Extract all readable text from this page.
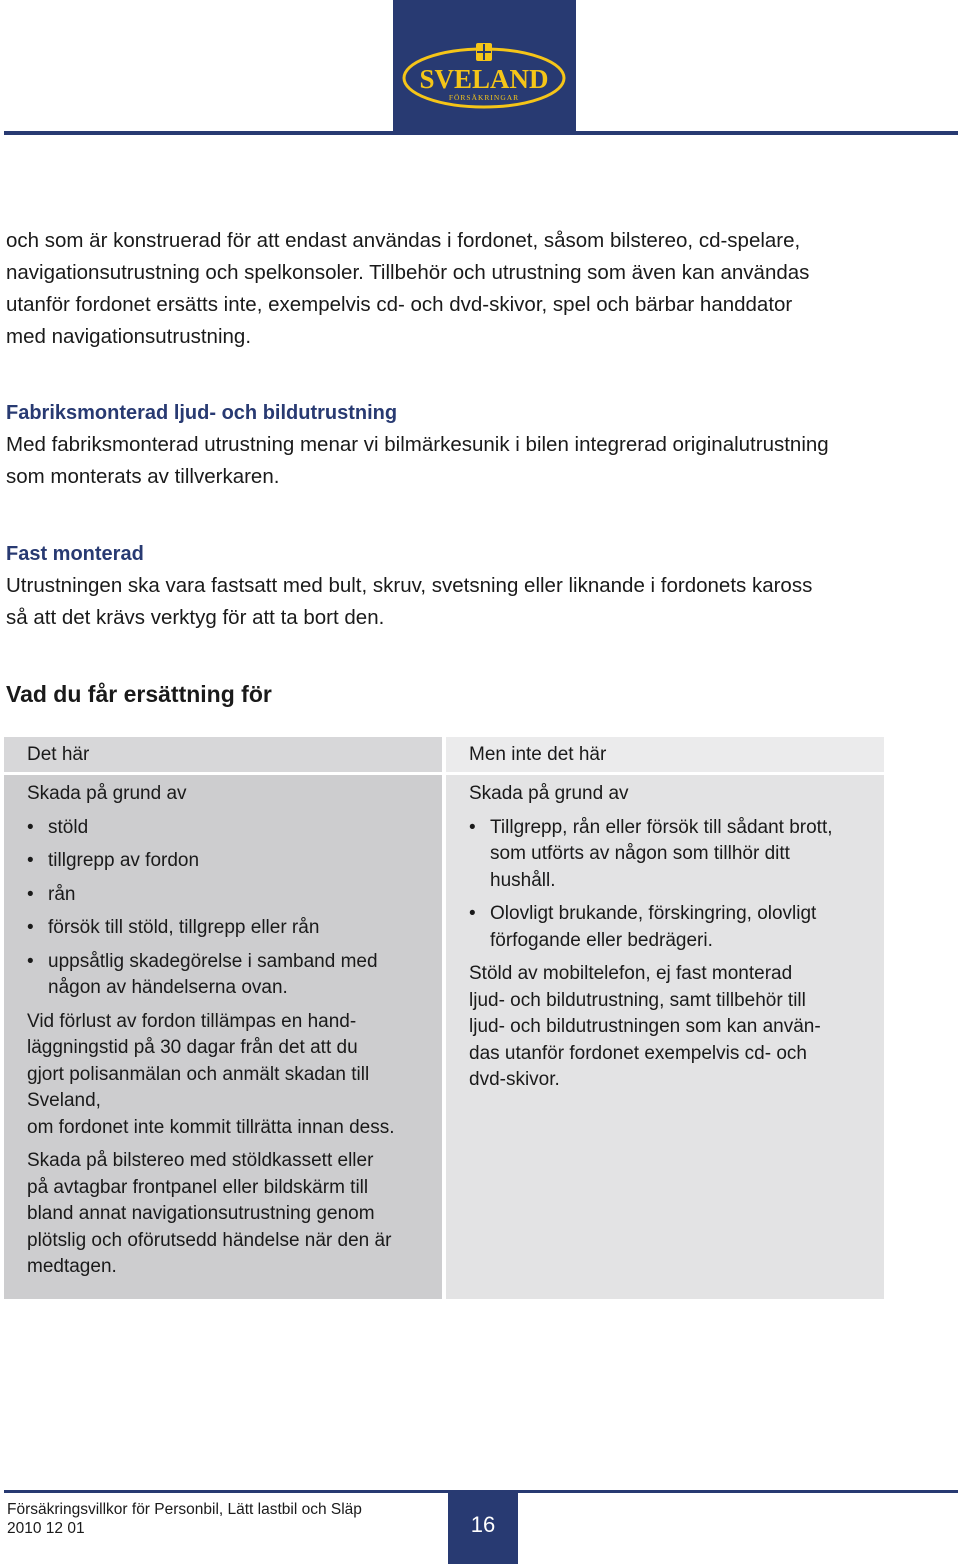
SVELAND
FÖRSÄKRINGAR

och som är konstruerad för att endast användas i fordonet, såsom bilstereo, cd-spelare,
navigationsutrustning och spelkonsoler. Tillbehör och utrustning som även kan användas
utanför fordonet ersätts inte, exempelvis cd- och dvd-skivor, spel och bärbar handdator
med navigationsutrustning.

Fabriksmonterad ljud- och bildutrustning

Med fabriksmonterad utrustning menar vi bilmärkesunik i bilen integrerad originalutrustning
som monterats av tillverkaren.

Fast monterad

Utrustningen ska vara fastsatt med bult, skruv, svetsning eller liknande i fordonets kaross
så att det krävs verktyg för att ta bort den.

Vad du får ersättning för
Det här

Skada på grund av

• stöld
• tillgrepp av fordon
• rån
• försök till stöld, tillgrepp eller rån
• uppsåtlig skadegörelse i samband med någon av händelserna ovan.

Vid förlust av fordon tillämpas en hand-
läggningstid på 30 dagar från det att du
gjort polisanmälan och anmält skadan till
Sveland,
om fordonet inte kommit tillrätta innan dess.

Skada på bilstereo med stöldkassett eller
på avtagbar frontpanel eller bildskärm till
bland annat navigationsutrustning genom
plötslig och oförutsedd händelse när den är
medtagen.

Men inte det här

Skada på grund av

• Tillgrepp, rån eller försök till sådant brott, som utförts av någon som tillhör ditt hushåll.
• Olovligt brukande, förskingring, olovligt förfogande eller bedrägeri.

Stöld av mobiltelefon, ej fast monterad
ljud- och bildutrustning, samt tillbehör till
ljud- och bildutrustningen som kan använ-
das utanför fordonet exempelvis cd- och
dvd-skivor.

Försäkringsvillkor för Personbil, Lätt lastbil och Släp
2010 12 01	16
